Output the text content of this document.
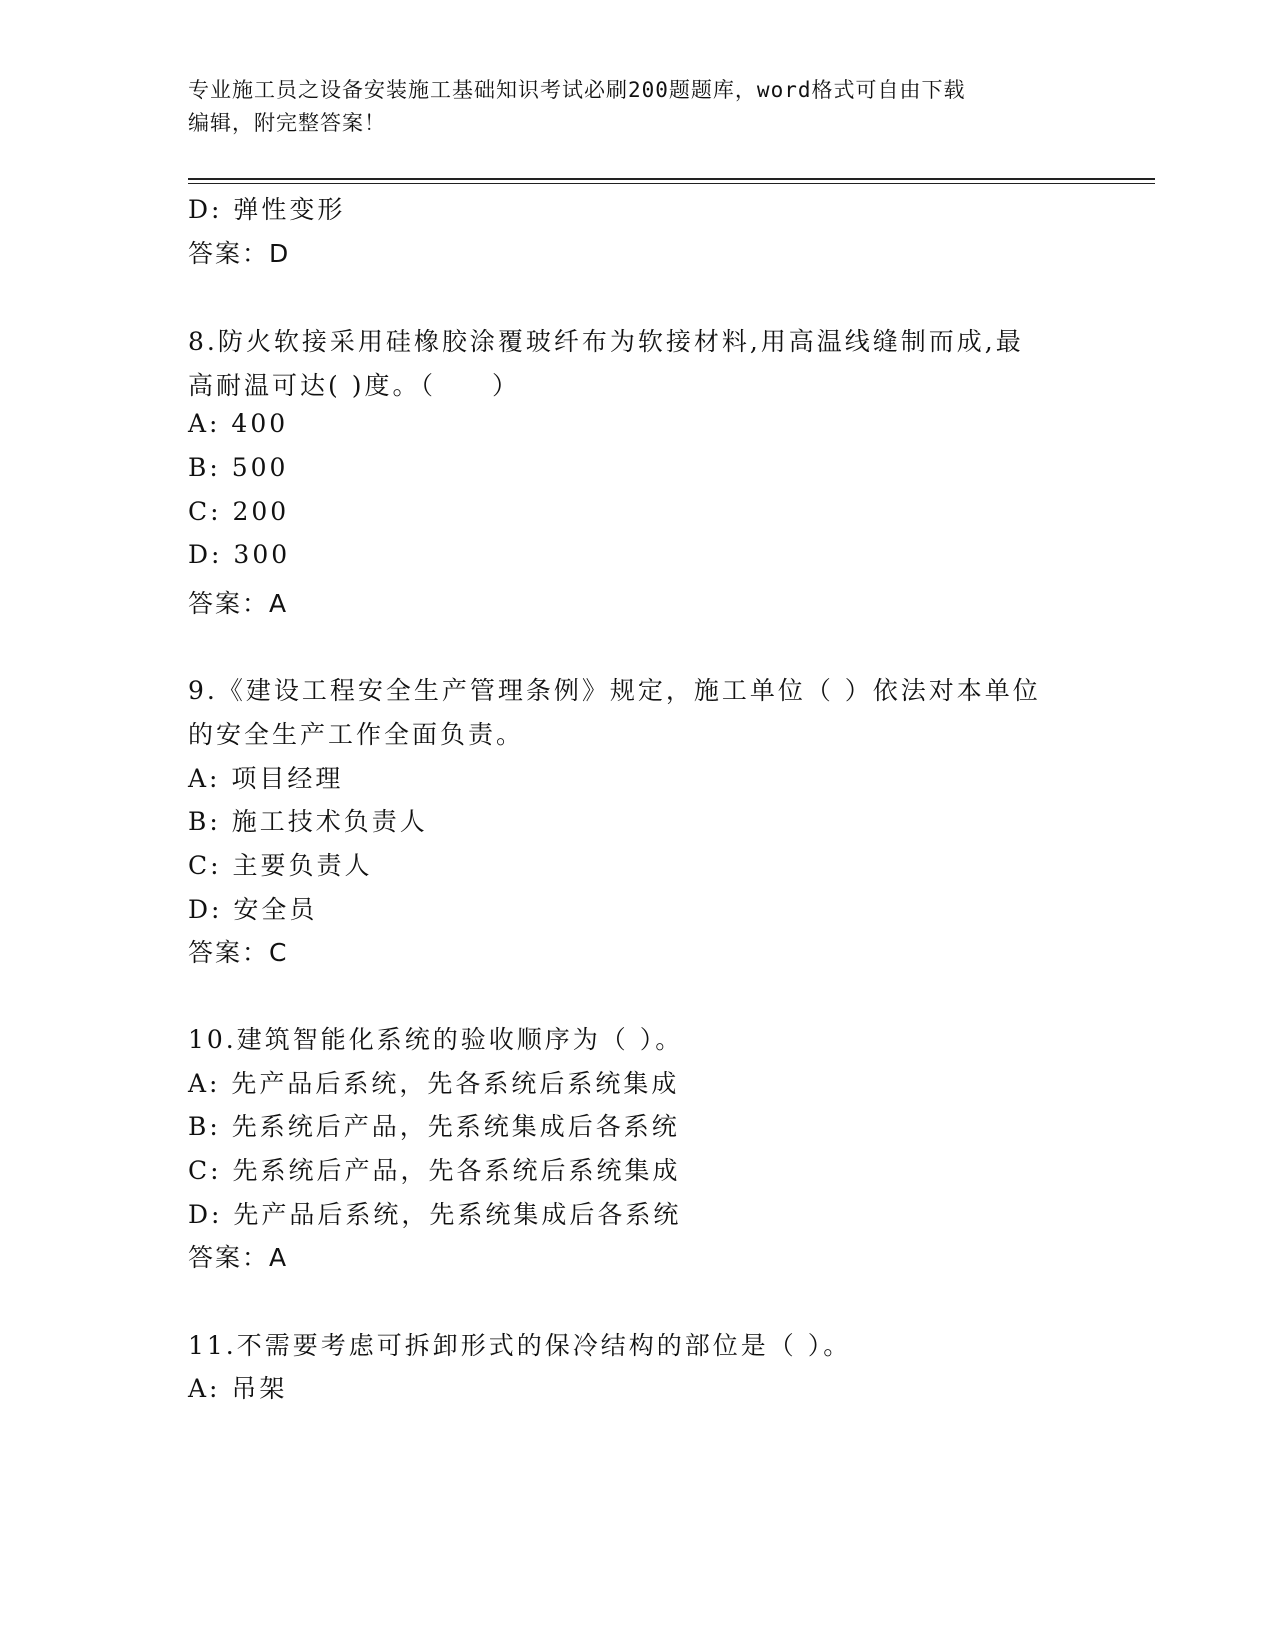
专业施工员之设备安装施工基础知识考试必刷200题题库，word格式可自由下载
编辑，附完整答案！
D: 弹性变形
答案：D
8.防火软接采用硅橡胶涂覆玻纤布为软接材料,用高温线缝制而成,最
高耐温可达( )度。（　　）
A: 400
B: 500
C: 200
D: 300
答案：A
9.《建设工程安全生产管理条例》规定，施工单位（ ）依法对本单位
的安全生产工作全面负责。
A: 项目经理
B: 施工技术负责人
C: 主要负责人
D: 安全员
答案：C
10.建筑智能化系统的验收顺序为（ ）。
A: 先产品后系统，先各系统后系统集成
B: 先系统后产品，先系统集成后各系统
C: 先系统后产品，先各系统后系统集成
D: 先产品后系统，先系统集成后各系统
答案：A
11.不需要考虑可拆卸形式的保冷结构的部位是（ ）。
A: 吊架
